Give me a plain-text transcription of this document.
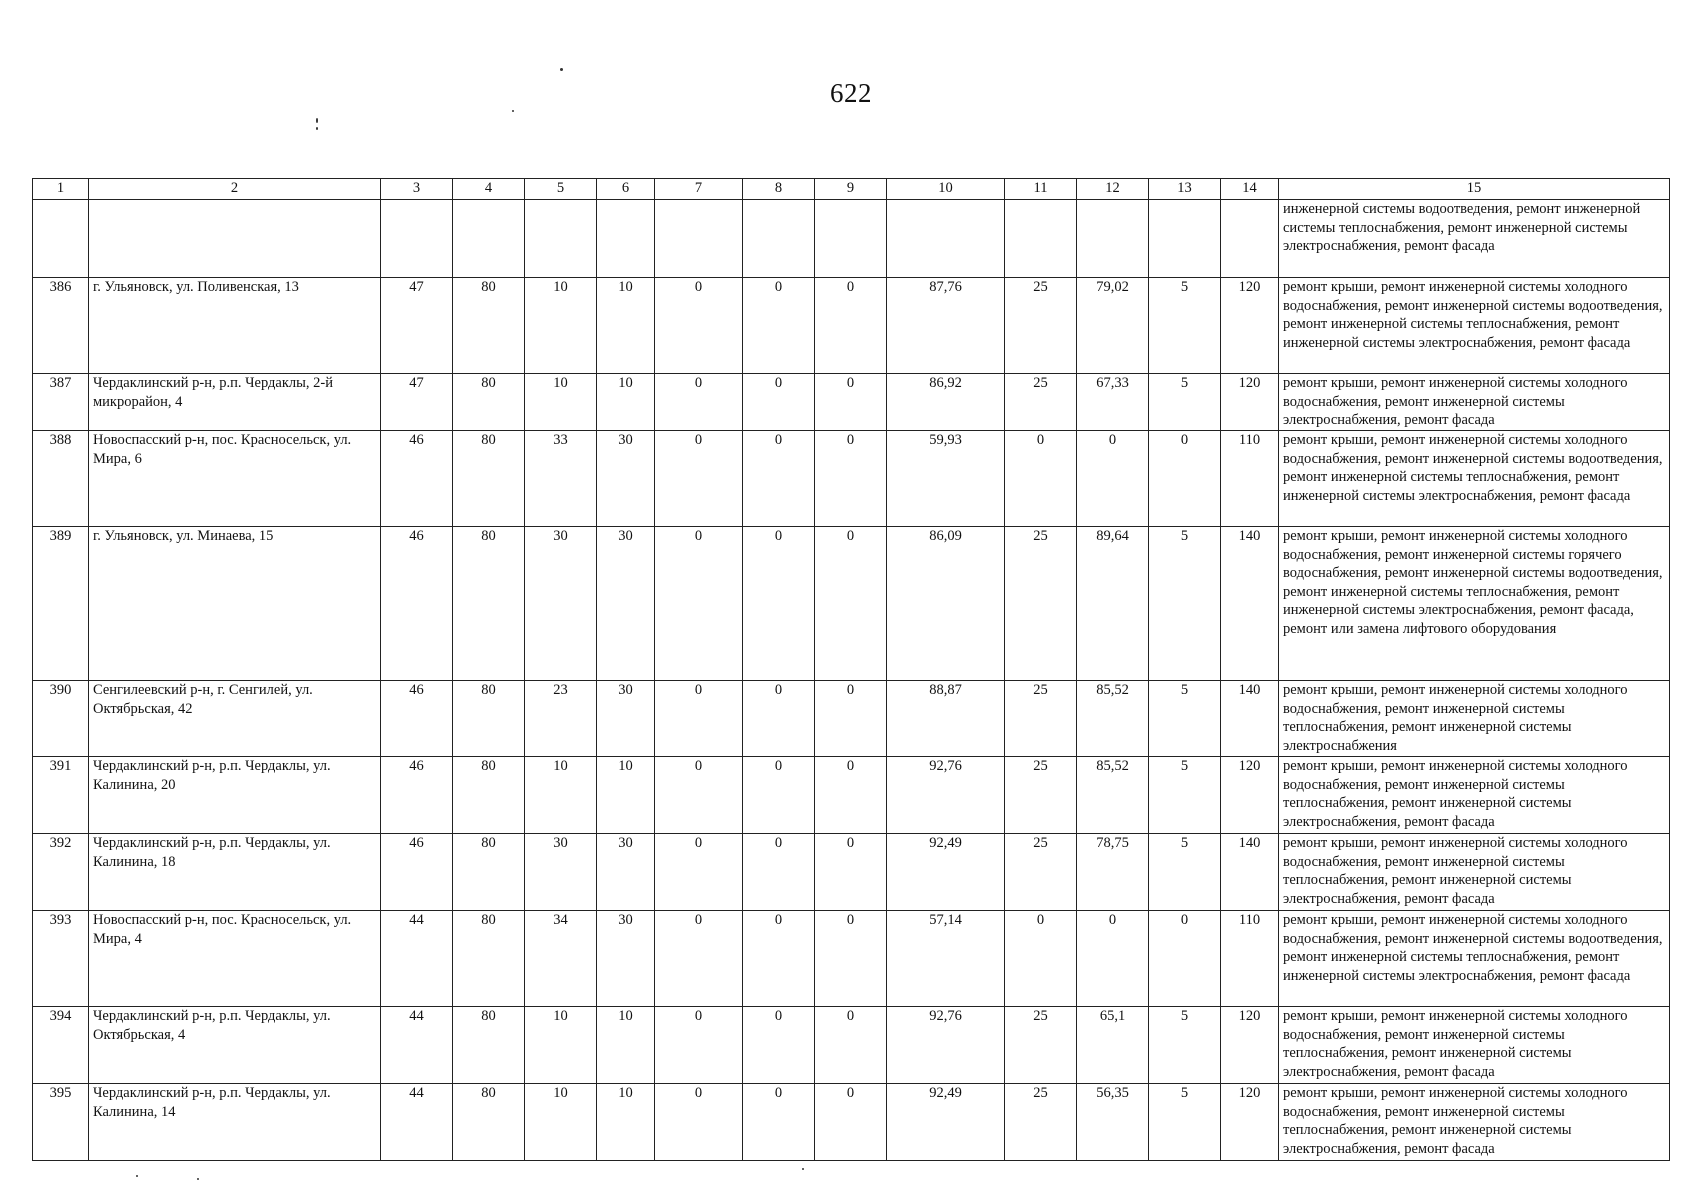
622
1	2	3	4	5	6	7	8	9	10	11	12	13	14	15
														инженерной системы водоотведения, ремонт инженерной системы теплоснабжения, ремонт инженерной системы электроснабжения, ремонт фасада
386	г. Ульяновск, ул. Поливенская, 13	47	80	10	10	0	0	0	87,76	25	79,02	5	120	ремонт крыши, ремонт инженерной системы холодного водоснабжения, ремонт инженерной системы водоотведения, ремонт инженерной системы теплоснабжения, ремонт инженерной системы электроснабжения, ремонт фасада
387	Чердаклинский р-н, р.п. Чердаклы, 2-й микрорайон, 4	47	80	10	10	0	0	0	86,92	25	67,33	5	120	ремонт крыши, ремонт инженерной системы холодного водоснабжения, ремонт инженерной системы электроснабжения, ремонт фасада
388	Новоспасский р-н, пос. Красносельск, ул. Мира, 6	46	80	33	30	0	0	0	59,93	0	0	0	110	ремонт крыши, ремонт инженерной системы холодного водоснабжения, ремонт инженерной системы водоотведения, ремонт инженерной системы теплоснабжения, ремонт инженерной системы электроснабжения, ремонт фасада
389	г. Ульяновск, ул. Минаева, 15	46	80	30	30	0	0	0	86,09	25	89,64	5	140	ремонт крыши, ремонт инженерной системы холодного водоснабжения, ремонт инженерной системы горячего водоснабжения, ремонт инженерной системы водоотведения, ремонт инженерной системы теплоснабжения, ремонт инженерной системы электроснабжения, ремонт фасада, ремонт или замена лифтового оборудования
390	Сенгилеевский р-н, г. Сенгилей, ул. Октябрьская, 42	46	80	23	30	0	0	0	88,87	25	85,52	5	140	ремонт крыши, ремонт инженерной системы холодного водоснабжения, ремонт инженерной системы теплоснабжения, ремонт инженерной системы электроснабжения
391	Чердаклинский р-н, р.п. Чердаклы, ул. Калинина, 20	46	80	10	10	0	0	0	92,76	25	85,52	5	120	ремонт крыши, ремонт инженерной системы холодного водоснабжения, ремонт инженерной системы теплоснабжения, ремонт инженерной системы электроснабжения, ремонт фасада
392	Чердаклинский р-н, р.п. Чердаклы, ул. Калинина, 18	46	80	30	30	0	0	0	92,49	25	78,75	5	140	ремонт крыши, ремонт инженерной системы холодного водоснабжения, ремонт инженерной системы теплоснабжения, ремонт инженерной системы электроснабжения, ремонт фасада
393	Новоспасский р-н, пос. Красносельск, ул. Мира, 4	44	80	34	30	0	0	0	57,14	0	0	0	110	ремонт крыши, ремонт инженерной системы холодного водоснабжения, ремонт инженерной системы водоотведения, ремонт инженерной системы теплоснабжения, ремонт инженерной системы электроснабжения, ремонт фасада
394	Чердаклинский р-н, р.п. Чердаклы, ул. Октябрьская, 4	44	80	10	10	0	0	0	92,76	25	65,1	5	120	ремонт крыши, ремонт инженерной системы холодного водоснабжения, ремонт инженерной системы теплоснабжения, ремонт инженерной системы электроснабжения, ремонт фасада
395	Чердаклинский р-н, р.п. Чердаклы, ул. Калинина, 14	44	80	10	10	0	0	0	92,49	25	56,35	5	120	ремонт крыши, ремонт инженерной системы холодного водоснабжения, ремонт инженерной системы теплоснабжения, ремонт инженерной системы электроснабжения, ремонт фасада
